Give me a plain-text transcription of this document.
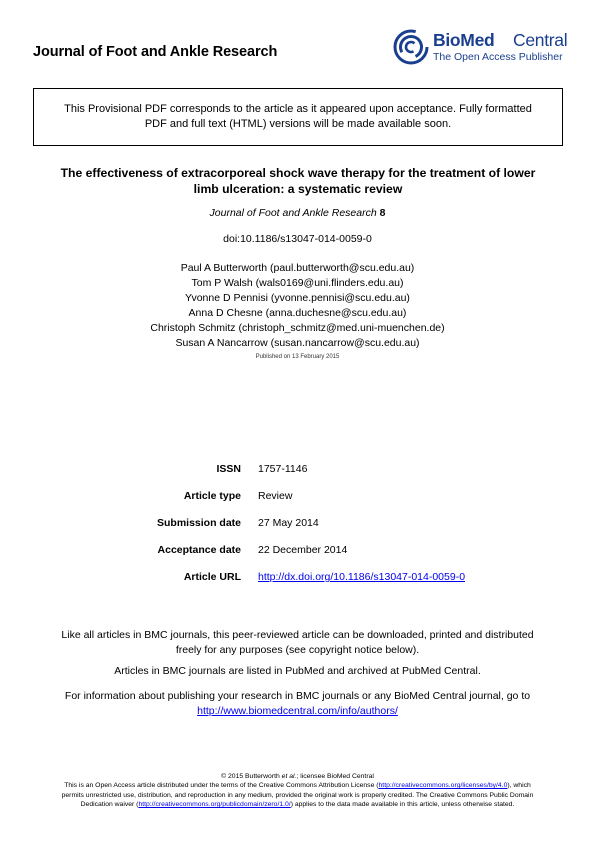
Journal of Foot and Ankle Research
BioMed Central
The Open Access Publisher
This Provisional PDF corresponds to the article as it appeared upon acceptance. Fully formatted
PDF and full text (HTML) versions will be made available soon.
The effectiveness of extracorporeal shock wave therapy for the treatment of lower
limb ulceration: a systematic review
Journal of Foot and Ankle Research 8
doi:10.1186/s13047-014-0059-0
Paul A Butterworth (paul.butterworth@scu.edu.au)
Tom P Walsh (wals0169@uni.flinders.edu.au)
Yvonne D Pennisi (yvonne.pennisi@scu.edu.au)
Anna D Chesne (anna.duchesne@scu.edu.au)
Christoph Schmitz (christoph_schmitz@med.uni-muenchen.de)
Susan A Nancarrow (susan.nancarrow@scu.edu.au)
Published on 13 February 2015
ISSN 1757-1146
Article type Review
Submission date 27 May 2014
Acceptance date 22 December 2014
Article URL http://dx.doi.org/10.1186/s13047-014-0059-0
Like all articles in BMC journals, this peer-reviewed article can be downloaded, printed and distributed
freely for any purposes (see copyright notice below).
Articles in BMC journals are listed in PubMed and archived at PubMed Central.
For information about publishing your research in BMC journals or any BioMed Central journal, go to
http://www.biomedcentral.com/info/authors/
© 2015 Butterworth et al.; licensee BioMed Central
This is an Open Access article distributed under the terms of the Creative Commons Attribution License (http://creativecommons.org/licenses/by/4.0), which
permits unrestricted use, distribution, and reproduction in any medium, provided the original work is properly credited. The Creative Commons Public Domain
Dedication waiver (http://creativecommons.org/publicdomain/zero/1.0/) applies to the data made available in this article, unless otherwise stated.
